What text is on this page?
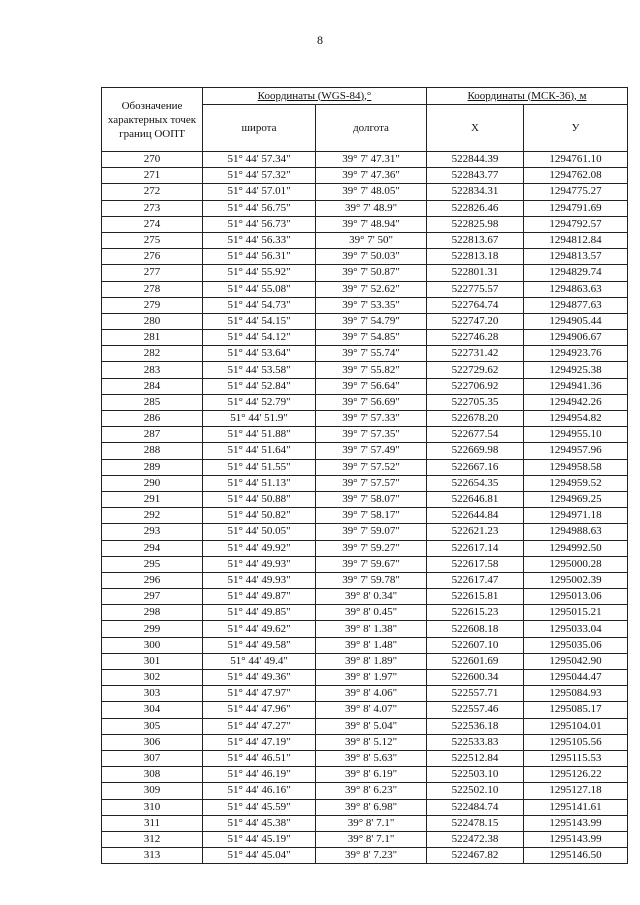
8
Обозначение характерных точек границ ООПТ	Координаты (WGS-84),°		Координаты (МСК-36), м	
	широта	долгота	Х	У
270	51° 44' 57.34"	39° 7' 47.31"	522844.39	1294761.10
271	51° 44' 57.32"	39° 7' 47.36"	522843.77	1294762.08
272	51° 44' 57.01"	39° 7' 48.05"	522834.31	1294775.27
273	51° 44' 56.75"	39° 7' 48.9"	522826.46	1294791.69
274	51° 44' 56.73"	39° 7' 48.94"	522825.98	1294792.57
275	51° 44' 56.33"	39° 7' 50"	522813.67	1294812.84
276	51° 44' 56.31"	39° 7' 50.03"	522813.18	1294813.57
277	51° 44' 55.92"	39° 7' 50.87"	522801.31	1294829.74
278	51° 44' 55.08"	39° 7' 52.62"	522775.57	1294863.63
279	51° 44' 54.73"	39° 7' 53.35"	522764.74	1294877.63
280	51° 44' 54.15"	39° 7' 54.79"	522747.20	1294905.44
281	51° 44' 54.12"	39° 7' 54.85"	522746.28	1294906.67
282	51° 44' 53.64"	39° 7' 55.74"	522731.42	1294923.76
283	51° 44' 53.58"	39° 7' 55.82"	522729.62	1294925.38
284	51° 44' 52.84"	39° 7' 56.64"	522706.92	1294941.36
285	51° 44' 52.79"	39° 7' 56.69"	522705.35	1294942.26
286	51° 44' 51.9"	39° 7' 57.33"	522678.20	1294954.82
287	51° 44' 51.88"	39° 7' 57.35"	522677.54	1294955.10
288	51° 44' 51.64"	39° 7' 57.49"	522669.98	1294957.96
289	51° 44' 51.55"	39° 7' 57.52"	522667.16	1294958.58
290	51° 44' 51.13"	39° 7' 57.57"	522654.35	1294959.52
291	51° 44' 50.88"	39° 7' 58.07"	522646.81	1294969.25
292	51° 44' 50.82"	39° 7' 58.17"	522644.84	1294971.18
293	51° 44' 50.05"	39° 7' 59.07"	522621.23	1294988.63
294	51° 44' 49.92"	39° 7' 59.27"	522617.14	1294992.50
295	51° 44' 49.93"	39° 7' 59.67"	522617.58	1295000.28
296	51° 44' 49.93"	39° 7' 59.78"	522617.47	1295002.39
297	51° 44' 49.87"	39° 8' 0.34"	522615.81	1295013.06
298	51° 44' 49.85"	39° 8' 0.45"	522615.23	1295015.21
299	51° 44' 49.62"	39° 8' 1.38"	522608.18	1295033.04
300	51° 44' 49.58"	39° 8' 1.48"	522607.10	1295035.06
301	51° 44' 49.4"	39° 8' 1.89"	522601.69	1295042.90
302	51° 44' 49.36"	39° 8' 1.97"	522600.34	1295044.47
303	51° 44' 47.97"	39° 8' 4.06"	522557.71	1295084.93
304	51° 44' 47.96"	39° 8' 4.07"	522557.46	1295085.17
305	51° 44' 47.27"	39° 8' 5.04"	522536.18	1295104.01
306	51° 44' 47.19"	39° 8' 5.12"	522533.83	1295105.56
307	51° 44' 46.51"	39° 8' 5.63"	522512.84	1295115.53
308	51° 44' 46.19"	39° 8' 6.19"	522503.10	1295126.22
309	51° 44' 46.16"	39° 8' 6.23"	522502.10	1295127.18
310	51° 44' 45.59"	39° 8' 6.98"	522484.74	1295141.61
311	51° 44' 45.38"	39° 8' 7.1"	522478.15	1295143.99
312	51° 44' 45.19"	39° 8' 7.1"	522472.38	1295143.99
313	51° 44' 45.04"	39° 8' 7.23"	522467.82	1295146.50
